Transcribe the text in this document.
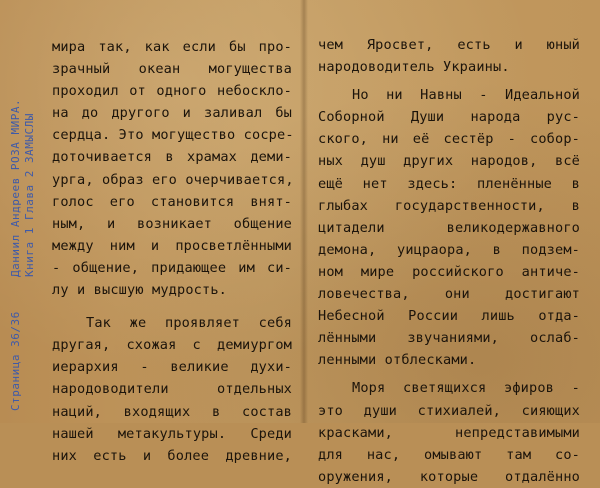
Страница 36/36
Даниил Андреев РОЗА МИРА. Книга 1 Глава 2 ЗАМЫСЛЫ
мира так, как если бы про-
зрачный океан могущества
проходил от одного небоскло-
на до другого и заливал бы
сердца. Это могущество сосре-
доточивается в храмах деми-
урга, образ его очерчивается,
голос его становится внят-
ным, и возникает общение
между ним и просветлёнными
- общение, придающее им си-
лу и высшую мудрость.
Так же проявляет себя
другая, схожая с демиургом
иерархия - великие духи-
народоводители отдельных
наций, входящих в состав
нашей метакультуры. Среди
них есть и более древние,
чем Яросвет, есть и юный
народоводитель Украины.
Но ни Навны - Идеальной
Соборной Души народа рус-
ского, ни её сестёр - собор-
ных душ других народов, всё
ещё нет здесь: пленённые в
глыбах государственности, в
цитадели великодержавного
демона, уицраора, в подзем-
ном мире российского античе-
ловечества, они достигают
Небесной России лишь отда-
лёнными звучаниями, ослаб-
ленными отблесками.
Моря светящихся эфиров -
это души стихиалей, сияющих
красками, непредставимыми
для нас, омывают там со-
оружения, которые отдалённо
